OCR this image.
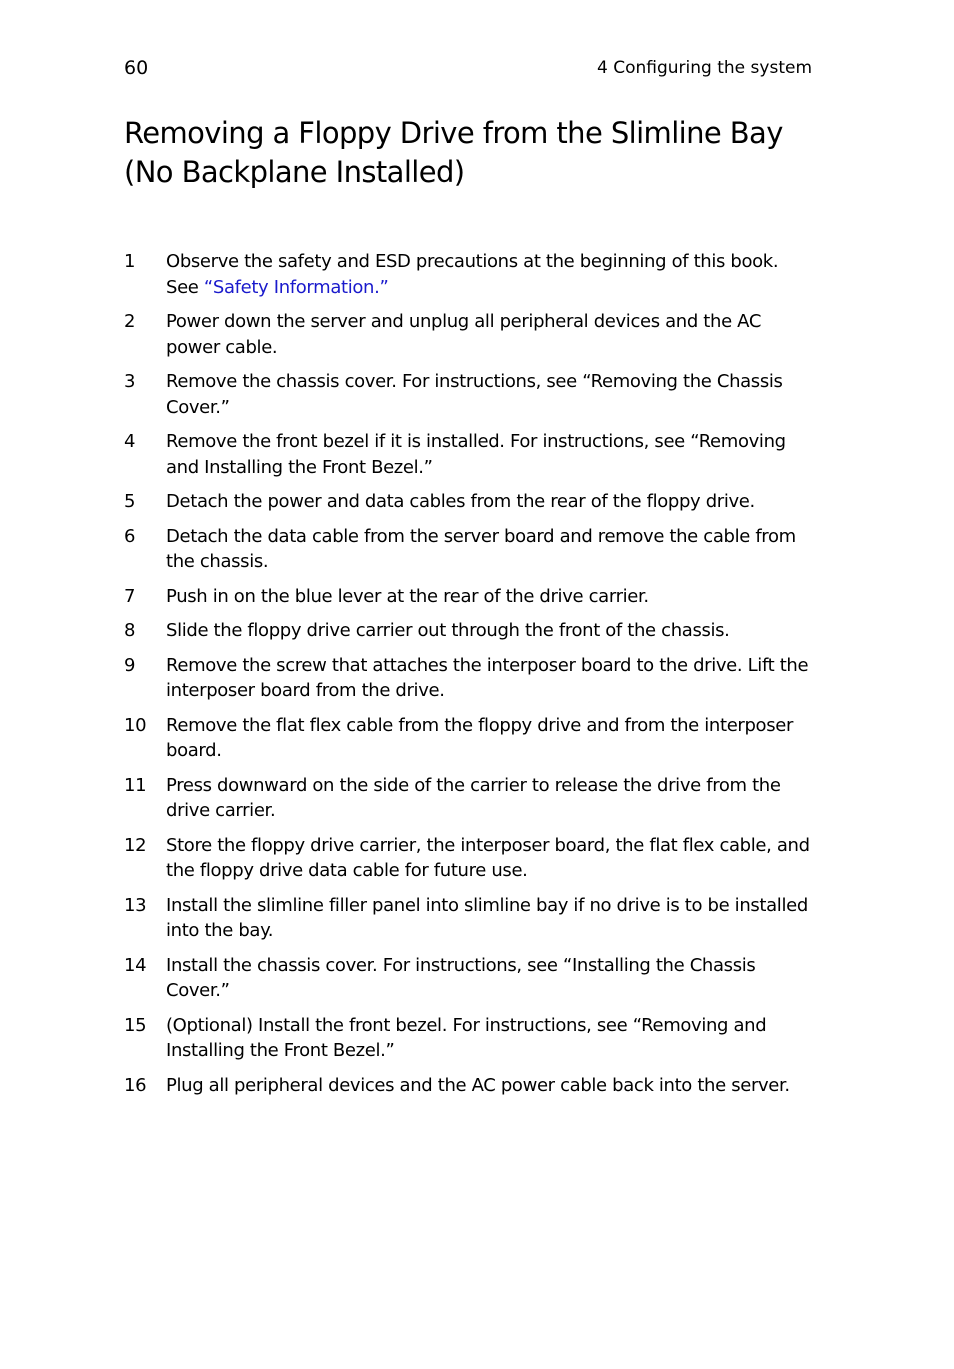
60	4 Configuring the system
Removing a Floppy Drive from the Slimline Bay
(No Backplane Installed)
1	Observe the safety and ESD precautions at the beginning of this book. See “Safety Information.”
2	Power down the server and unplug all peripheral devices and the AC power cable.
3	Remove the chassis cover. For instructions, see “Removing the Chassis Cover.”
4	Remove the front bezel if it is installed. For instructions, see “Removing and Installing the Front Bezel.”
5	Detach the power and data cables from the rear of the floppy drive.
6	Detach the data cable from the server board and remove the cable from the chassis.
7	Push in on the blue lever at the rear of the drive carrier.
8	Slide the floppy drive carrier out through the front of the chassis.
9	Remove the screw that attaches the interposer board to the drive. Lift the interposer board from the drive.
10	Remove the flat flex cable from the floppy drive and from the interposer board.
11	Press downward on the side of the carrier to release the drive from the drive carrier.
12	Store the floppy drive carrier, the interposer board, the flat flex cable, and the floppy drive data cable for future use.
13	Install the slimline filler panel into slimline bay if no drive is to be installed into the bay.
14	Install the chassis cover. For instructions, see “Installing the Chassis Cover.”
15	(Optional) Install the front bezel. For instructions, see “Removing and Installing the Front Bezel.”
16	Plug all peripheral devices and the AC power cable back into the server.
